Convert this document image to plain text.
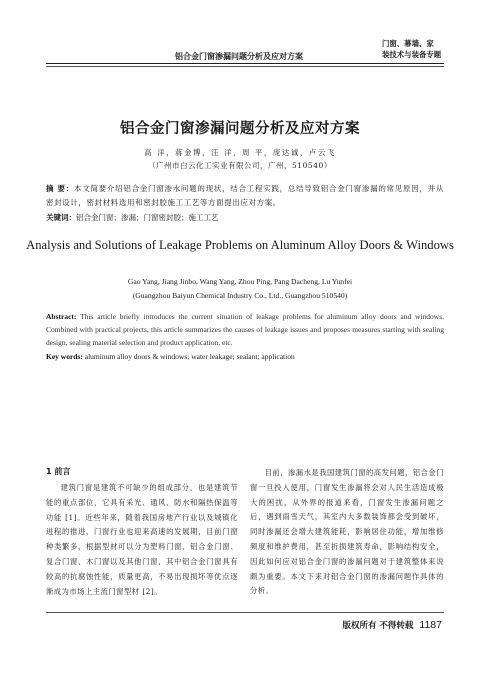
铝合金门窗渗漏问题分析及应对方案
门窗、幕墙、家
装技术与装备专题
铝合金门窗渗漏问题分析及应对方案
高 洋，蒋金博，汪 洋，周 平，庞达诚，卢云飞
（广州市白云化工实业有限公司，广州，510540）
摘 要：本文简要介绍铝合金门窗渗水问题的现状，结合工程实践，总结导致铝合金门窗渗漏的常见原因，并从密封设计，密封材料选用和密封胶施工工艺等方面提出应对方案。
关键词：铝合金门窗；渗漏；门窗密封胶；施工工艺
Analysis and Solutions of Leakage Problems on Aluminum Alloy Doors & Windows
Gao Yang, Jiang Jinbo, Wang Yang, Zhou Ping, Pang Dacheng, Lu Yunfei
(Guangzhou Baiyun Chemical Industry Co., Ltd., Guangzhou 510540)
Abstract: This article briefly introduces the current situation of leakage problems for aluminum alloy doors and windows. Combined with practical projects, this article summarizes the causes of leakage issues and proposes measures starting with sealing design, sealing material selection and product application, etc.
Key words: aluminum alloy doors & windows; water leakage; sealant; application
1 前言

建筑门窗是建筑不可缺少的组成部分，也是建筑节能的重点部位，它具有采光、通风、防水和隔热保温等功能 [1]。近些年来，随着我国房地产行业以及城镇化进程的推进，门窗行业也迎来高速的发展期，目前门窗种类繁多，根据型材可以分为塑料门窗、铝合金门窗、复合门窗、木门窗以及其他门窗，其中铝合金门窗具有较高的抗腐蚀性能，质量更高，不易出现损坏等优点逐渐成为市场上主流门窗型材 [2]。

目前，渗漏水是我国建筑门窗的高发问题，铝合金门窗一旦投入使用，门窗发生渗漏将会对人民生活造成极大的困扰，从外界的报道来看，门窗发生渗漏问题之后，遇到雨雪天气，其室内大多数装饰都会受到破坏，同时渗漏还会增大建筑能耗，影响居住功能，增加维修频度和维护费用，甚至折损建筑寿命，影响结构安全，因此如何应对铝合金门窗的渗漏问题对于建筑整体来说颇为重要。本文下来对铝合金门窗的渗漏问题作具体的分析。

版权所有 不得转载 1187
